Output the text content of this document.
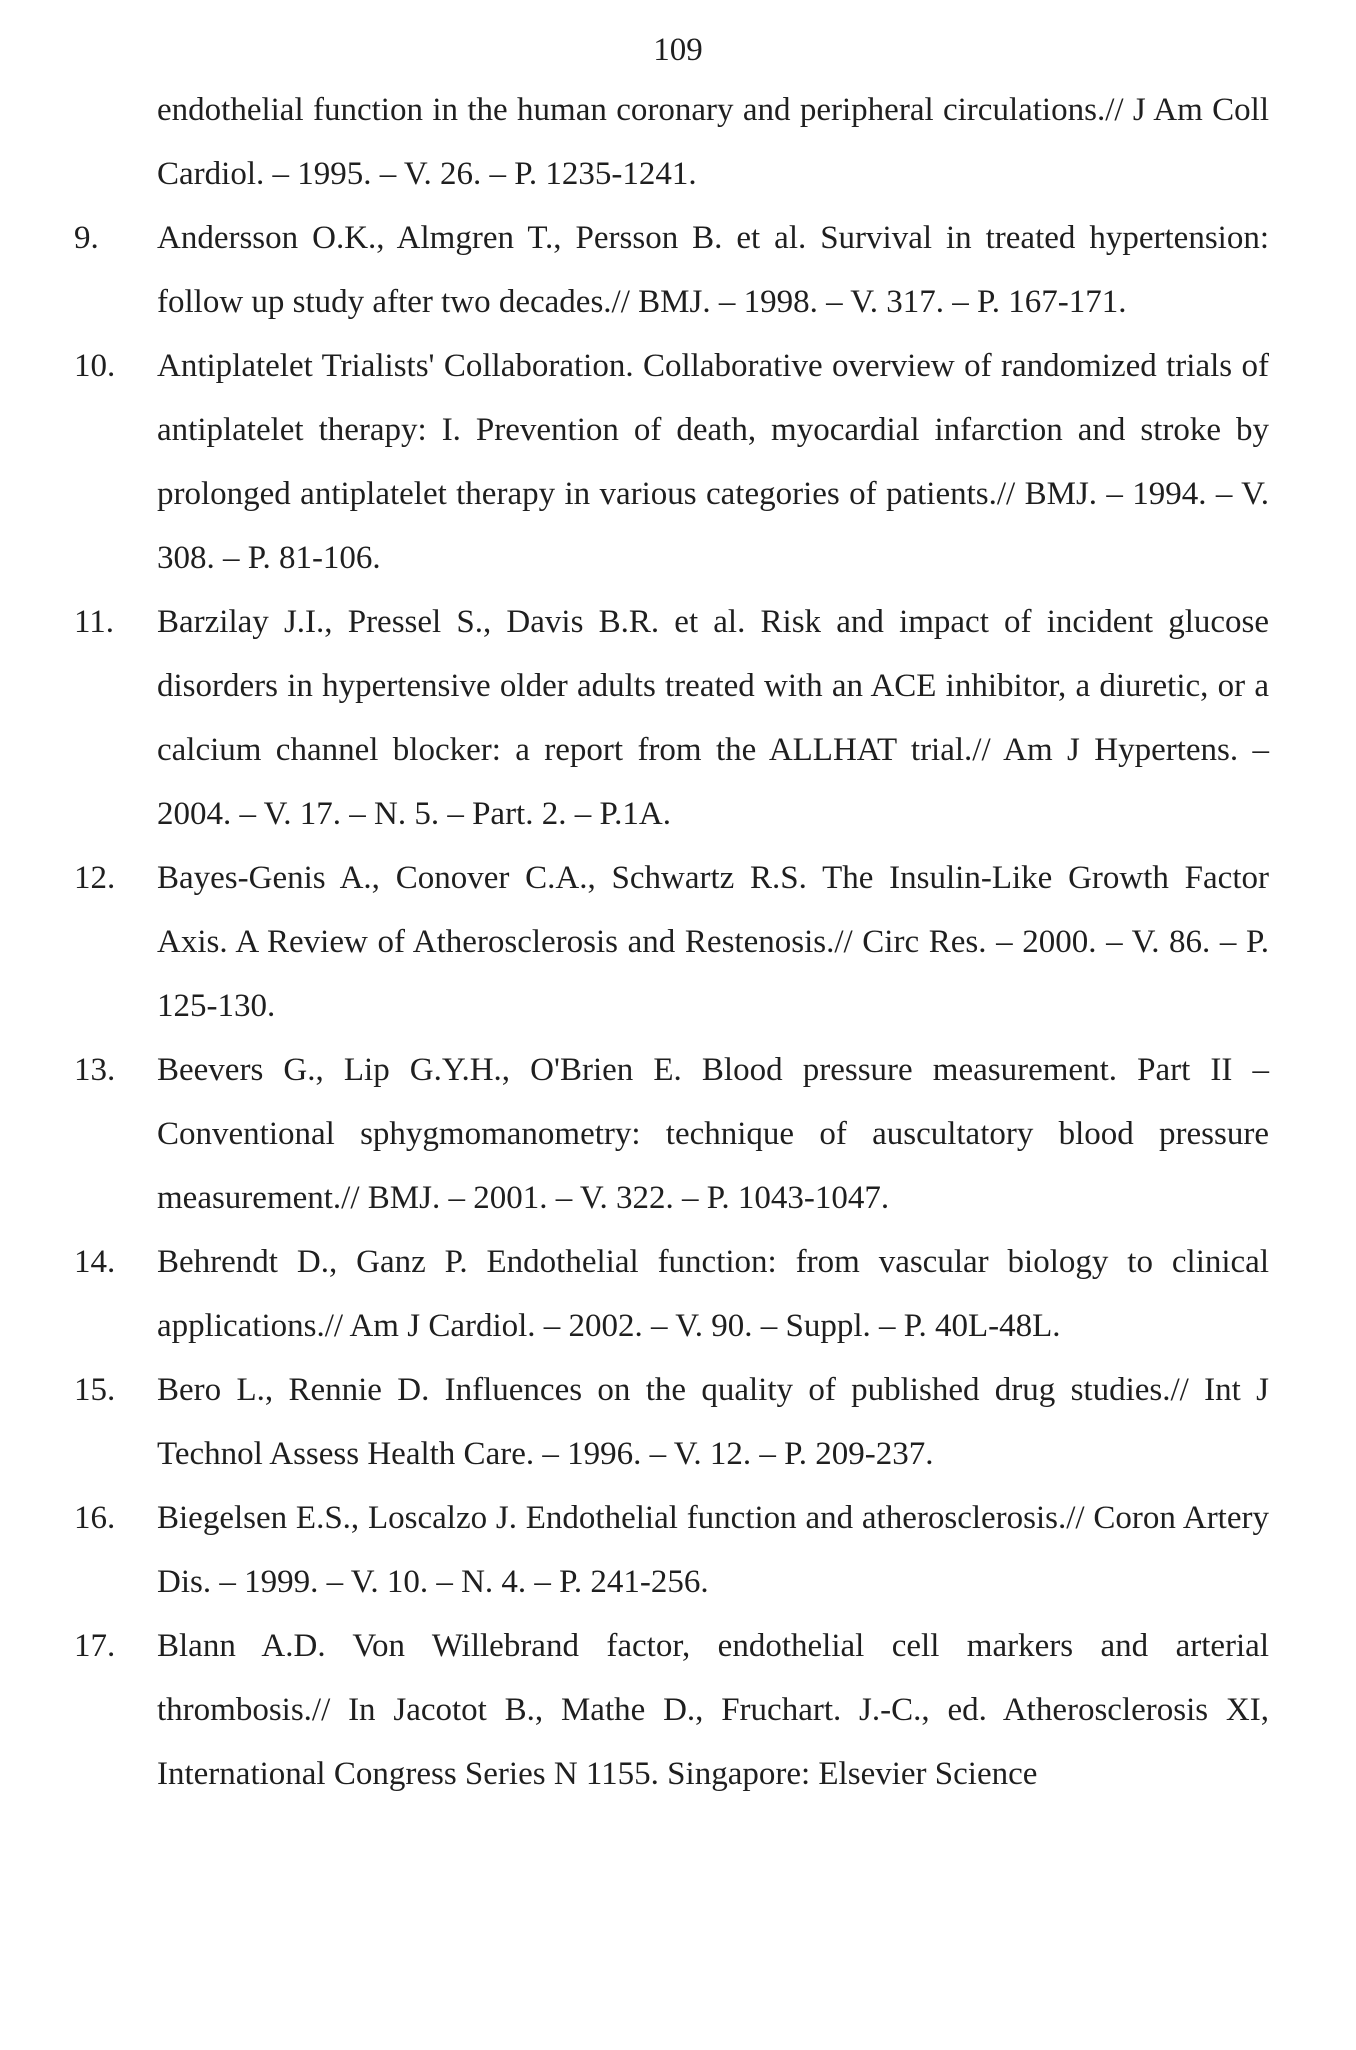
109
endothelial function in the human coronary and peripheral circulations.// J Am Coll Cardiol. – 1995. – V. 26. – P. 1235-1241.
9.	Andersson O.K., Almgren T., Persson B. et al. Survival in treated hypertension: follow up study after two decades.// BMJ. – 1998. – V. 317. – P. 167-171.
10.	Antiplatelet Trialists' Collaboration. Collaborative overview of randomized trials of antiplatelet therapy: I. Prevention of death, myocardial infarction and stroke by prolonged antiplatelet therapy in various categories of patients.// BMJ. – 1994. – V. 308. – P. 81-106.
11.	Barzilay J.I., Pressel S., Davis B.R. et al. Risk and impact of incident glucose disorders in hypertensive older adults treated with an ACE inhibitor, a diuretic, or a calcium channel blocker: a report from the ALLHAT trial.// Am J Hypertens. – 2004. – V. 17. – N. 5. – Part. 2. – P.1A.
12.	Bayes-Genis A., Conover C.A., Schwartz R.S. The Insulin-Like Growth Factor Axis. A Review of Atherosclerosis and Restenosis.// Circ Res. – 2000. – V. 86. – P. 125-130.
13.	Beevers G., Lip G.Y.H., O'Brien E. Blood pressure measurement. Part II – Conventional sphygmomanometry: technique of auscultatory blood pressure measurement.// BMJ. – 2001. – V. 322. – P. 1043-1047.
14.	Behrendt D., Ganz P. Endothelial function: from vascular biology to clinical applications.// Am J Cardiol. – 2002. – V. 90. – Suppl. – P. 40L-48L.
15.	Bero L., Rennie D. Influences on the quality of published drug studies.// Int J Technol Assess Health Care. – 1996. – V. 12. – P. 209-237.
16.	Biegelsen E.S., Loscalzo J. Endothelial function and atherosclerosis.// Coron Artery Dis. – 1999. – V. 10. – N. 4. – P. 241-256.
17.	Blann A.D. Von Willebrand factor, endothelial cell markers and arterial thrombosis.// In Jacotot B., Mathe D., Fruchart. J.-C., ed. Atherosclerosis XI, International Congress Series N 1155. Singapore: Elsevier Science
